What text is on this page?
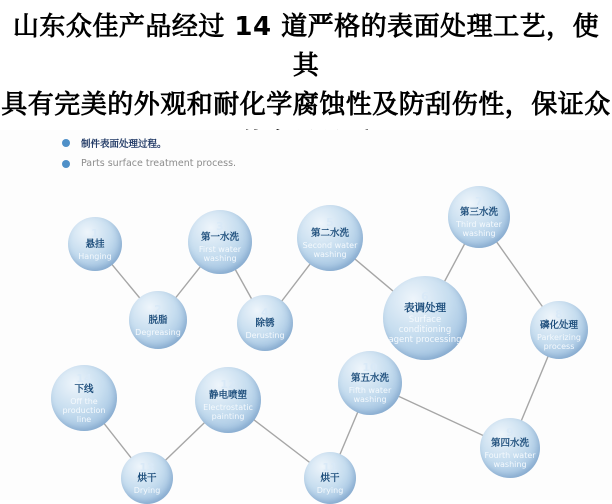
山东众佳产品经过 14 道严格的表面处理工艺，使其
具有完美的外观和耐化学腐蚀性及防刮伤性，保证众
1
悬挂
Hanging
2
脱脂
Degreasing
3
第一水洗
First water washing
4
除锈
Derusting
5
第二水洗
Second water washing
6
表调处理
Surface conditioning agent processing
7
第三水洗
Third water washing
8
磷化处理
Parkerizing process
9
第四水洗
Fourth water washing
10
第五水洗
Fifth water washing
11
烘干
Drying
12
静电喷塑
Electrostatic painting
13
烘干
Drying
14
下线
Off the production line
制件表面处理过程。
Parts surface treatment process.
